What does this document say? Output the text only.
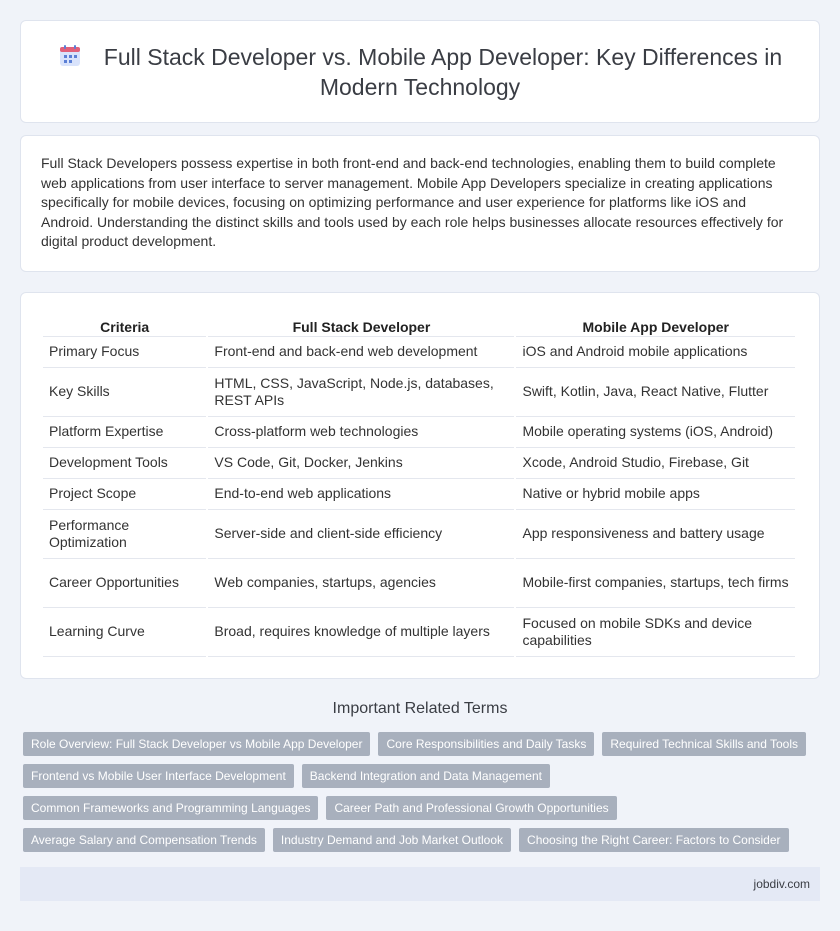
Full Stack Developer vs. Mobile App Developer: Key Differences in Modern Technology

Full Stack Developers possess expertise in both front-end and back-end technologies, enabling them to build complete web applications from user interface to server management. Mobile App Developers specialize in creating applications specifically for mobile devices, focusing on optimizing performance and user experience for platforms like iOS and Android. Understanding the distinct skills and tools used by each role helps businesses allocate resources effectively for digital product development.

Criteria	Full Stack Developer	Mobile App Developer
Primary Focus	Front-end and back-end web development	iOS and Android mobile applications
Key Skills	HTML, CSS, JavaScript, Node.js, databases, REST APIs	Swift, Kotlin, Java, React Native, Flutter
Platform Expertise	Cross-platform web technologies	Mobile operating systems (iOS, Android)
Development Tools	VS Code, Git, Docker, Jenkins	Xcode, Android Studio, Firebase, Git
Project Scope	End-to-end web applications	Native or hybrid mobile apps
Performance Optimization	Server-side and client-side efficiency	App responsiveness and battery usage
Career Opportunities	Web companies, startups, agencies	Mobile-first companies, startups, tech firms
Learning Curve	Broad, requires knowledge of multiple layers	Focused on mobile SDKs and device capabilities
Important Related Terms
Role Overview: Full Stack Developer vs Mobile App Developer	Core Responsibilities and Daily Tasks	Required Technical Skills and Tools
Frontend vs Mobile User Interface Development	Backend Integration and Data Management
Common Frameworks and Programming Languages	Career Path and Professional Growth Opportunities
Average Salary and Compensation Trends	Industry Demand and Job Market Outlook	Choosing the Right Career: Factors to Consider
jobdiv.com
